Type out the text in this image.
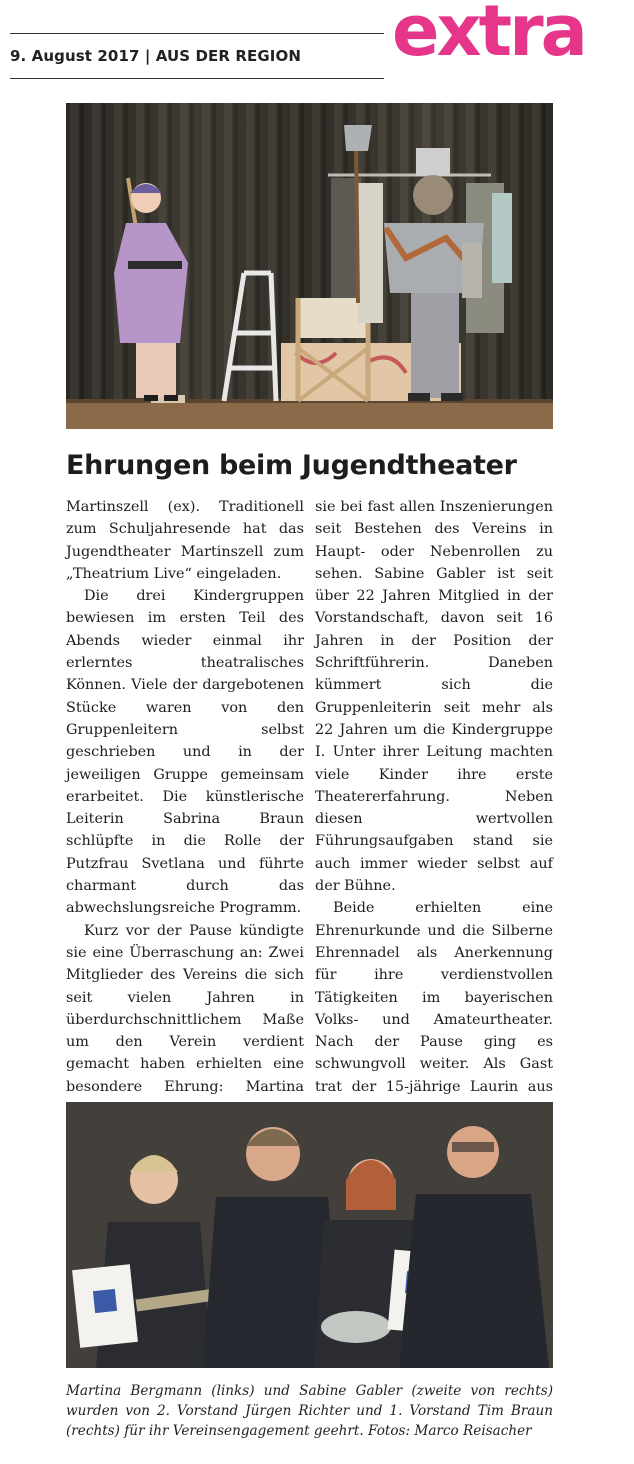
9. August 2017 | AUS DER REGION extra
Ehrungen beim Jugendtheater

Martinszell (ex). Traditionell zum Schuljahresende hat das Jugendtheater Martinszell zum „Theatrium Live“ eingeladen.

Die drei Kindergruppen bewiesen im ersten Teil des Abends wieder einmal ihr erlerntes theatralisches Können. Viele der dargebotenen Stücke waren von den Gruppenleitern selbst geschrieben und in der jeweiligen Gruppe gemeinsam erarbeitet. Die künstlerische Leiterin Sabrina Braun schlüpfte in die Rolle der Putzfrau Svetlana und führte charmant durch das abwechslungsreiche Programm.

Kurz vor der Pause kündigte sie eine Überraschung an: Zwei Mitglieder des Vereins die sich seit vielen Jahren in überdurchschnittlichem Maße um den Verein verdient gemacht haben erhielten eine besondere Ehrung: Martina

sie bei fast allen Inszenierungen seit Bestehen des Vereins in Haupt- oder Nebenrollen zu sehen. Sabine Gabler ist seit über 22 Jahren Mitglied in der Vorstandschaft, davon seit 16 Jahren in der Position der Schriftführerin. Daneben kümmert sich die Gruppenleiterin seit mehr als 22 Jahren um die Kindergruppe I. Unter ihrer Leitung machten viele Kinder ihre erste Theatererfahrung. Neben diesen wertvollen Führungsaufgaben stand sie auch immer wieder selbst auf der Bühne.

Beide erhielten eine Ehrenurkunde und die Silberne Ehrennadel als Anerkennung für ihre verdienstvollen Tätigkeiten im bayerischen Volks- und Amateurtheater. Nach der Pause ging es schwungvoll weiter. Als Gast trat der 15-jährige Laurin aus

Martina Bergmann (links) und Sabine Gabler (zweite von rechts) wurden von 2. Vorstand Jürgen Richter und 1. Vorstand Tim Braun (rechts) für ihr Vereinsengagement geehrt. Fotos: Marco Reisacher
